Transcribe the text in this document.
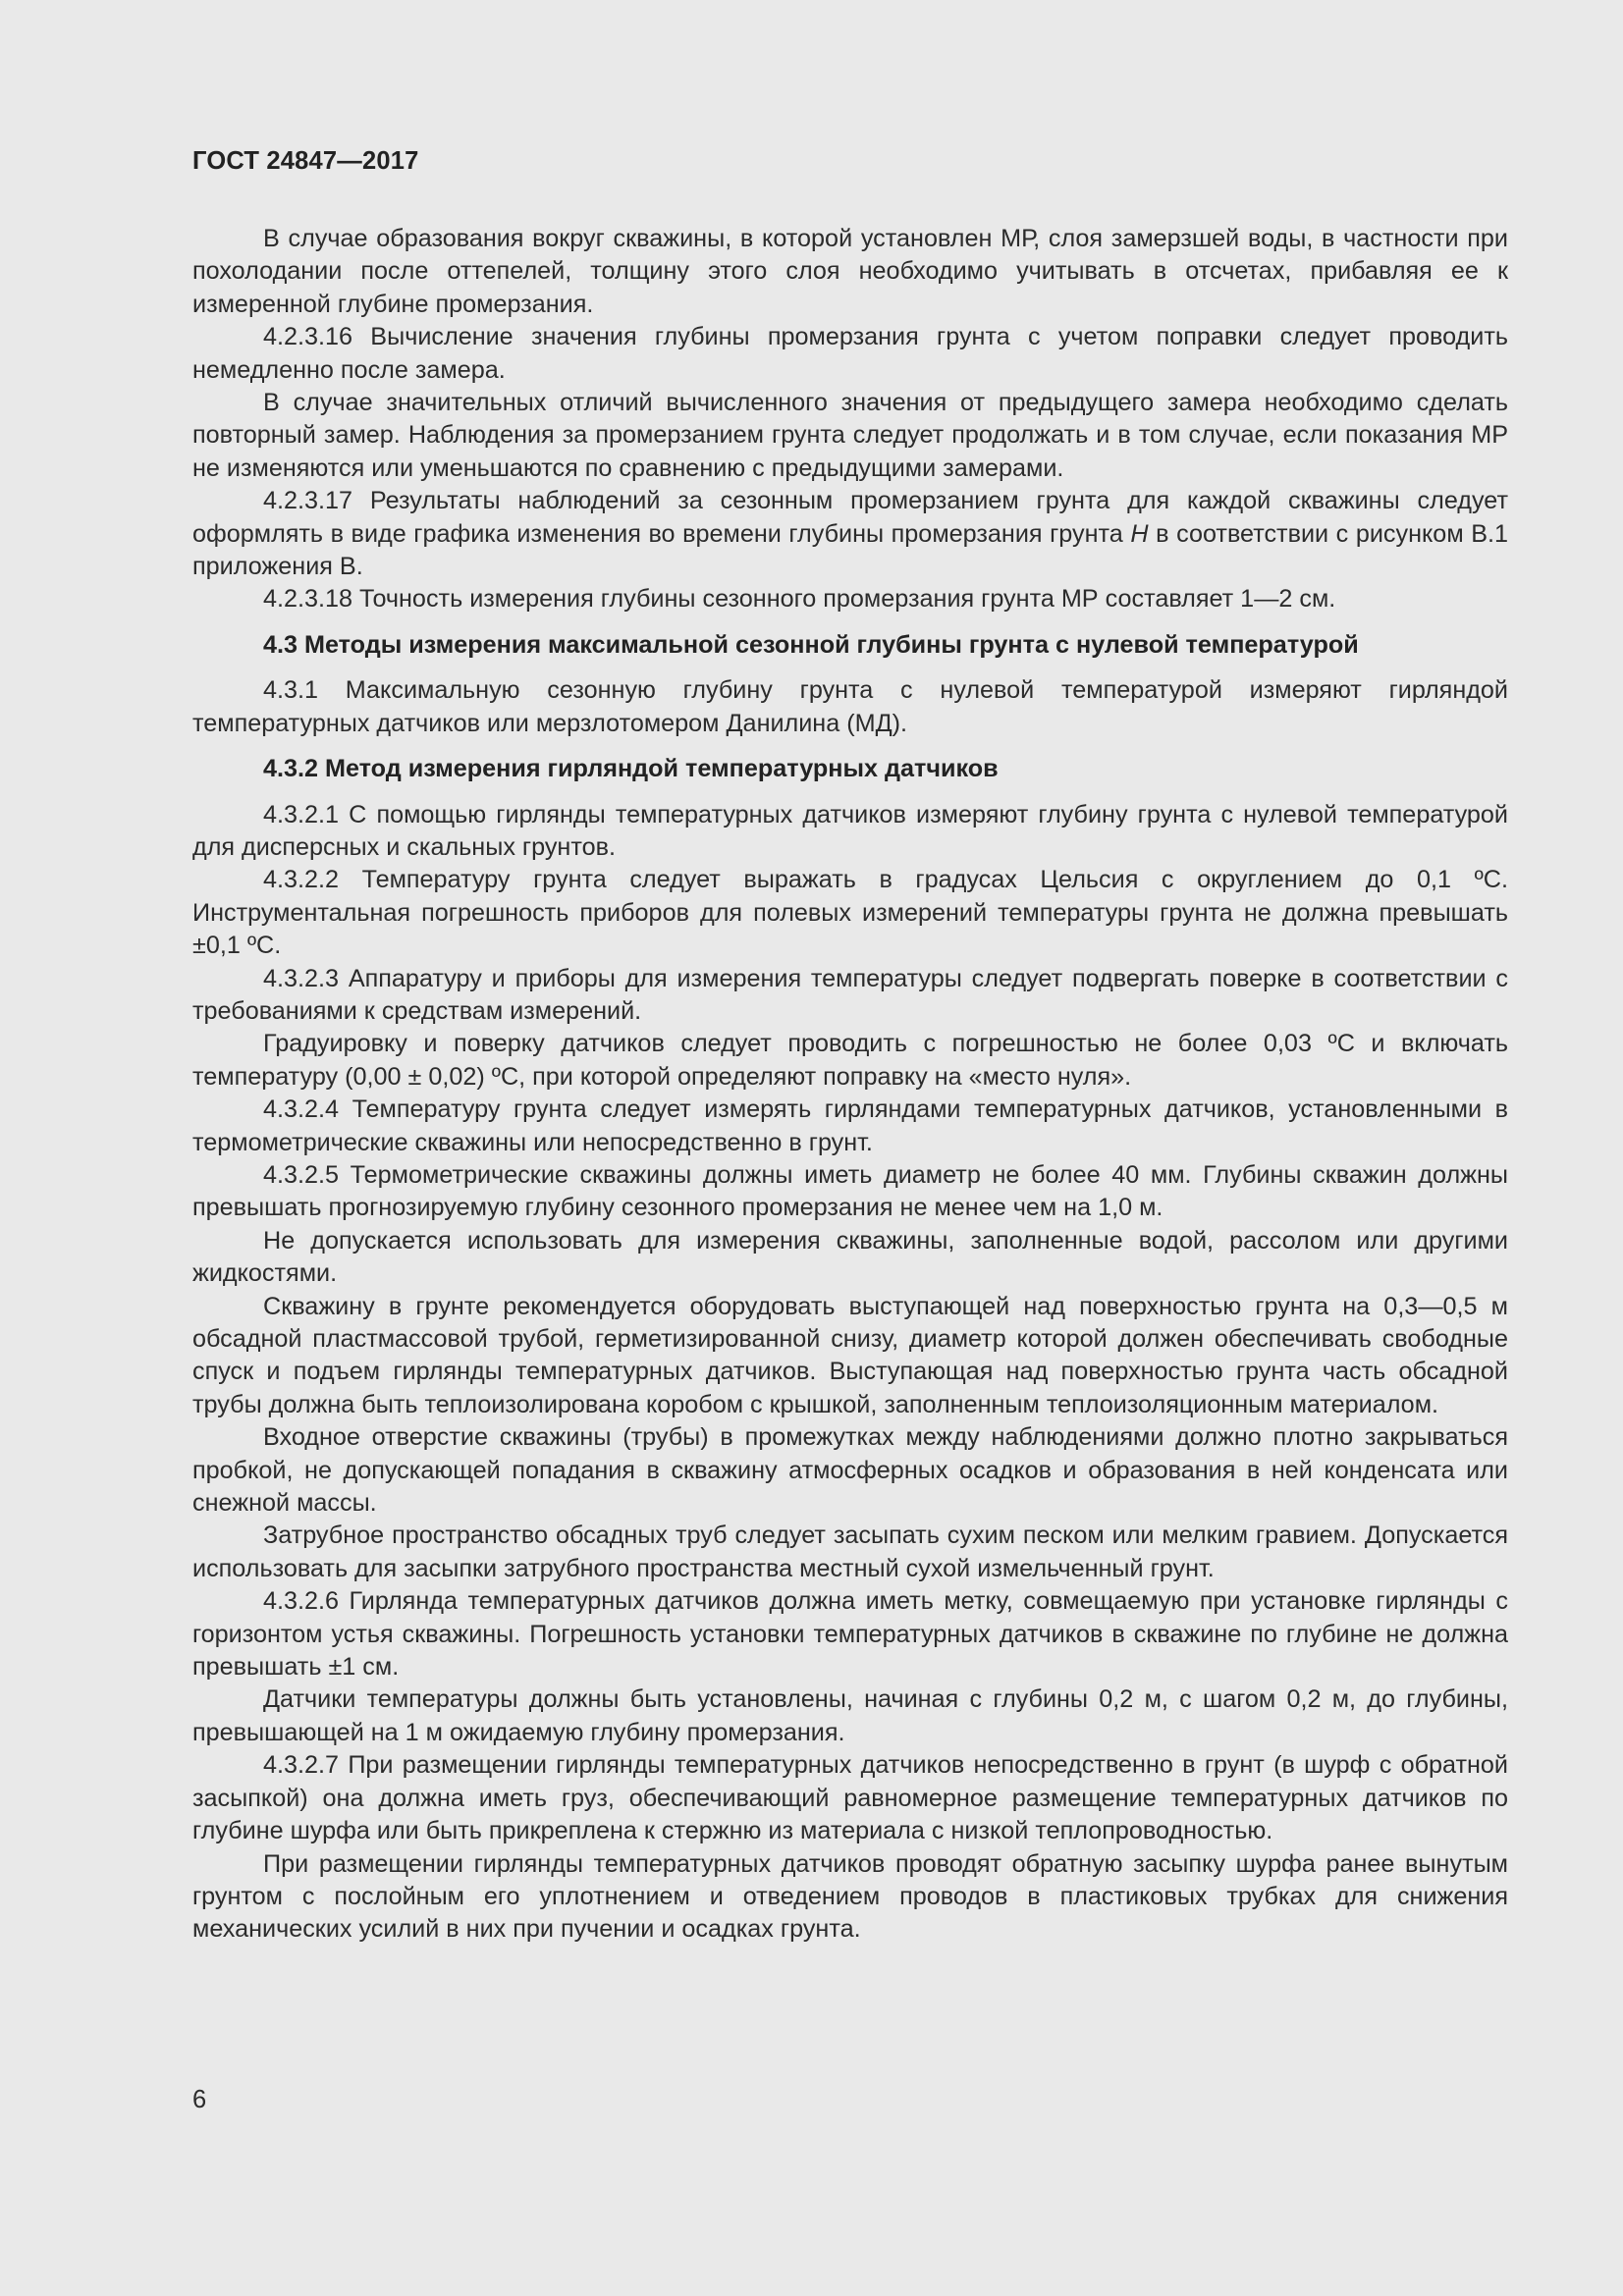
ГОСТ 24847—2017

В случае образования вокруг скважины, в которой установлен МР, слоя замерзшей воды, в частности при похолодании после оттепелей, толщину этого слоя необходимо учитывать в отсчетах, прибавляя ее к измеренной глубине промерзания.

4.2.3.16 Вычисление значения глубины промерзания грунта с учетом поправки следует проводить немедленно после замера.

В случае значительных отличий вычисленного значения от предыдущего замера необходимо сделать повторный замер. Наблюдения за промерзанием грунта следует продолжать и в том случае, если показания МР не изменяются или уменьшаются по сравнению с предыдущими замерами.

4.2.3.17 Результаты наблюдений за сезонным промерзанием грунта для каждой скважины следует оформлять в виде графика изменения во времени глубины промерзания грунта H в соответствии с рисунком В.1 приложения В.

4.2.3.18 Точность измерения глубины сезонного промерзания грунта МР составляет 1—2 см.

4.3 Методы измерения максимальной сезонной глубины грунта с нулевой температурой

4.3.1 Максимальную сезонную глубину грунта с нулевой температурой измеряют гирляндой температурных датчиков или мерзлотомером Данилина (МД).

4.3.2 Метод измерения гирляндой температурных датчиков

4.3.2.1 С помощью гирлянды температурных датчиков измеряют глубину грунта с нулевой температурой для дисперсных и скальных грунтов.

4.3.2.2 Температуру грунта следует выражать в градусах Цельсия с округлением до 0,1 ºС. Инструментальная погрешность приборов для полевых измерений температуры грунта не должна превышать ±0,1 ºС.

4.3.2.3 Аппаратуру и приборы для измерения температуры следует подвергать поверке в соответствии с требованиями к средствам измерений.

Градуировку и поверку датчиков следует проводить с погрешностью не более 0,03 ºС и включать температуру (0,00 ± 0,02) ºС, при которой определяют поправку на «место нуля».

4.3.2.4 Температуру грунта следует измерять гирляндами температурных датчиков, установленными в термометрические скважины или непосредственно в грунт.

4.3.2.5 Термометрические скважины должны иметь диаметр не более 40 мм. Глубины скважин должны превышать прогнозируемую глубину сезонного промерзания не менее чем на 1,0 м.

Не допускается использовать для измерения скважины, заполненные водой, рассолом или другими жидкостями.

Скважину в грунте рекомендуется оборудовать выступающей над поверхностью грунта на 0,3—0,5 м обсадной пластмассовой трубой, герметизированной снизу, диаметр которой должен обеспечивать свободные спуск и подъем гирлянды температурных датчиков. Выступающая над поверхностью грунта часть обсадной трубы должна быть теплоизолирована коробом с крышкой, заполненным теплоизоляционным материалом.

Входное отверстие скважины (трубы) в промежутках между наблюдениями должно плотно закрываться пробкой, не допускающей попадания в скважину атмосферных осадков и образования в ней конденсата или снежной массы.

Затрубное пространство обсадных труб следует засыпать сухим песком или мелким гравием. Допускается использовать для засыпки затрубного пространства местный сухой измельченный грунт.

4.3.2.6 Гирлянда температурных датчиков должна иметь метку, совмещаемую при установке гирлянды с горизонтом устья скважины. Погрешность установки температурных датчиков в скважине по глубине не должна превышать ±1 см.

Датчики температуры должны быть установлены, начиная с глубины 0,2 м, с шагом 0,2 м, до глубины, превышающей на 1 м ожидаемую глубину промерзания.

4.3.2.7 При размещении гирлянды температурных датчиков непосредственно в грунт (в шурф с обратной засыпкой) она должна иметь груз, обеспечивающий равномерное размещение температурных датчиков по глубине шурфа или быть прикреплена к стержню из материала с низкой теплопроводностью.

При размещении гирлянды температурных датчиков проводят обратную засыпку шурфа ранее вынутым грунтом с послойным его уплотнением и отведением проводов в пластиковых трубках для снижения механических усилий в них при пучении и осадках грунта.

6
